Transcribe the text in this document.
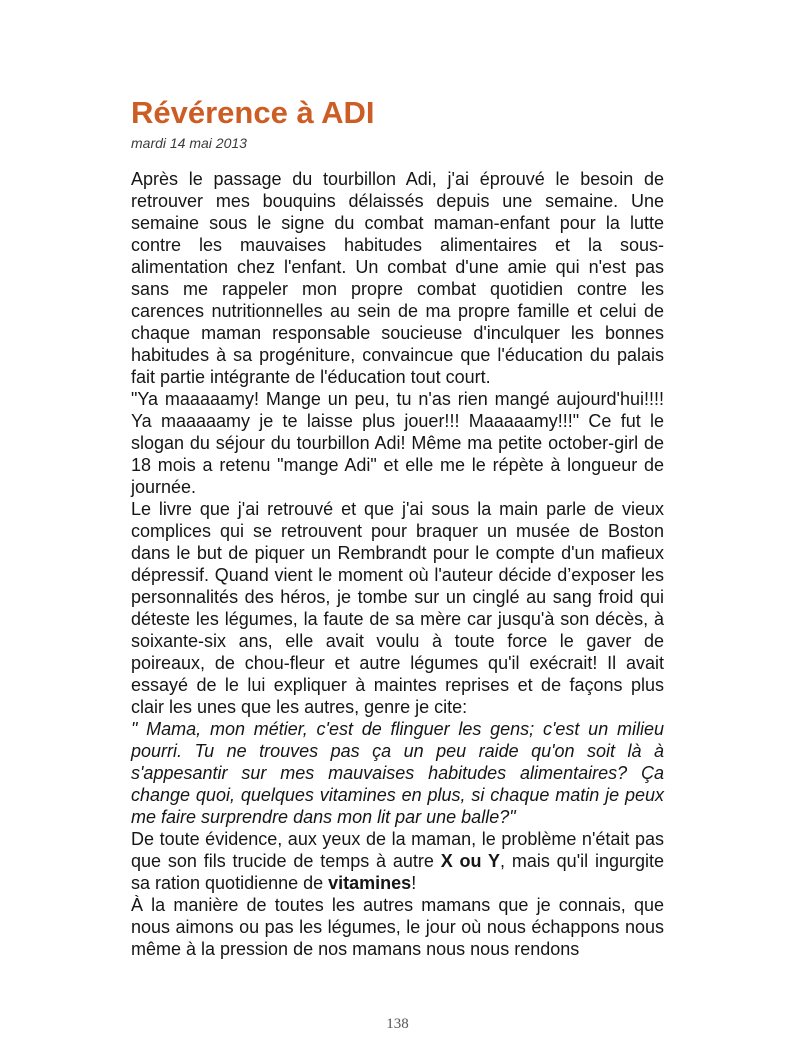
Révérence à ADI

mardi 14 mai 2013

Après le passage du tourbillon Adi, j'ai éprouvé le besoin de retrouver mes bouquins délaissés depuis une semaine. Une semaine sous le signe du combat maman-enfant pour la lutte contre les mauvaises habitudes alimentaires et la sous-alimentation chez l'enfant. Un combat d'une amie qui n'est pas sans me rappeler mon propre combat quotidien contre les carences nutritionnelles au sein de ma propre famille et celui de chaque maman responsable soucieuse d'inculquer les bonnes habitudes à sa progéniture, convaincue que l'éducation du palais fait partie intégrante de l'éducation tout court.

"Ya maaaaamy! Mange un peu, tu n'as rien mangé aujourd'hui!!!! Ya maaaaamy je te laisse plus jouer!!! Maaaaamy!!!" Ce fut le slogan du séjour du tourbillon Adi! Même ma petite october-girl de 18 mois a retenu "mange Adi" et elle me le répète à longueur de journée.

Le livre que j'ai retrouvé et que j'ai sous la main parle de vieux complices qui se retrouvent pour braquer un musée de Boston dans le but de piquer un Rembrandt pour le compte d'un mafieux dépressif. Quand vient le moment où l'auteur décide d’exposer les personnalités des héros, je tombe sur un cinglé au sang froid qui déteste les légumes, la faute de sa mère car jusqu'à son décès, à soixante-six ans, elle avait voulu à toute force le gaver de poireaux, de chou-fleur et autre légumes qu'il exécrait! Il avait essayé de le lui expliquer à maintes reprises et de façons plus clair les unes que les autres, genre je cite:

" Mama, mon métier, c'est de flinguer les gens; c'est un milieu pourri. Tu ne trouves pas ça un peu raide qu'on soit là à s'appesantir sur mes mauvaises habitudes alimentaires? Ça change quoi, quelques vitamines en plus, si chaque matin je peux me faire surprendre dans mon lit par une balle?"

De toute évidence, aux yeux de la maman, le problème n'était pas que son fils trucide de temps à autre X ou Y, mais qu'il ingurgite sa ration quotidienne de vitamines!

À la manière de toutes les autres mamans que je connais, que nous aimons ou pas les légumes, le jour où nous échappons nous même à la pression de nos mamans nous nous rendons

138
